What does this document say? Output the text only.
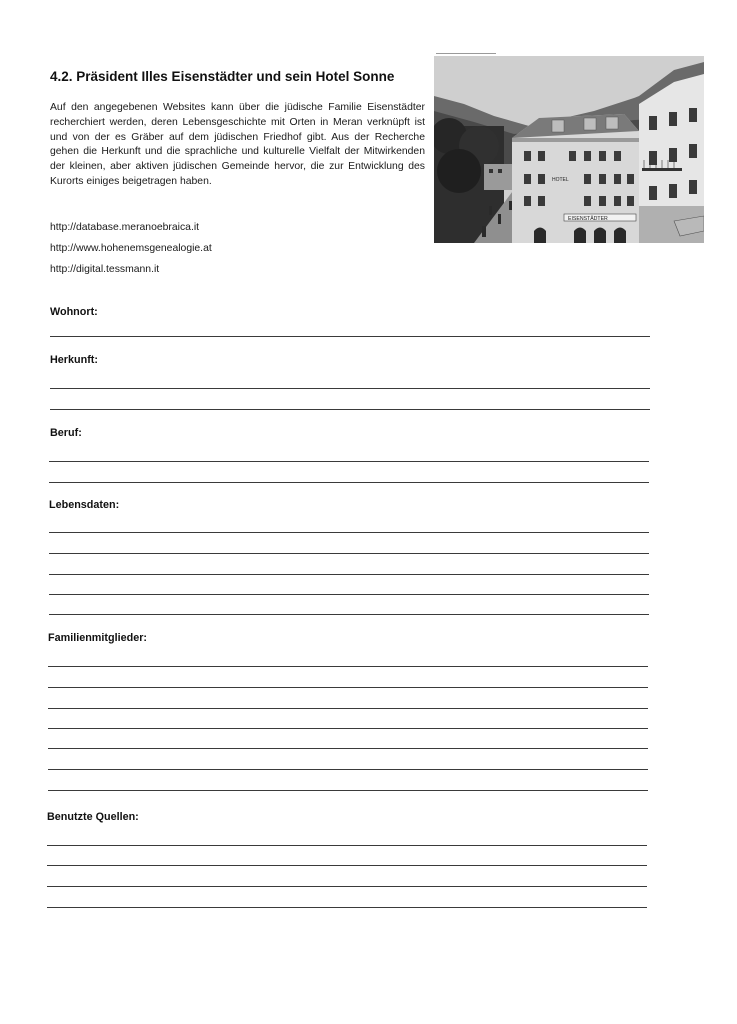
4.2. Präsident Illes Eisenstädter und sein Hotel Sonne
Auf den angegebenen Websites kann über die jüdische Familie Eisenstädter recherchiert werden, deren Lebensgeschichte mit Orten in Meran verknüpft ist und von der es Gräber auf dem jüdischen Friedhof gibt. Aus der Recherche gehen die Herkunft und die sprachliche und kulturelle Vielfalt der Mitwirkenden der kleinen, aber aktiven jüdischen Gemeinde hervor, die zur Entwicklung des Kurorts einiges beigetragen haben.
http://database.meranoebraica.it
http://www.hohenemsgenealogie.at
http://digital.tessmann.it
HOTEL
EISENSTÄDTER
Wohnort:
Herkunft:
Beruf:
Lebensdaten:
Familienmitglieder:
Benutzte Quellen:
